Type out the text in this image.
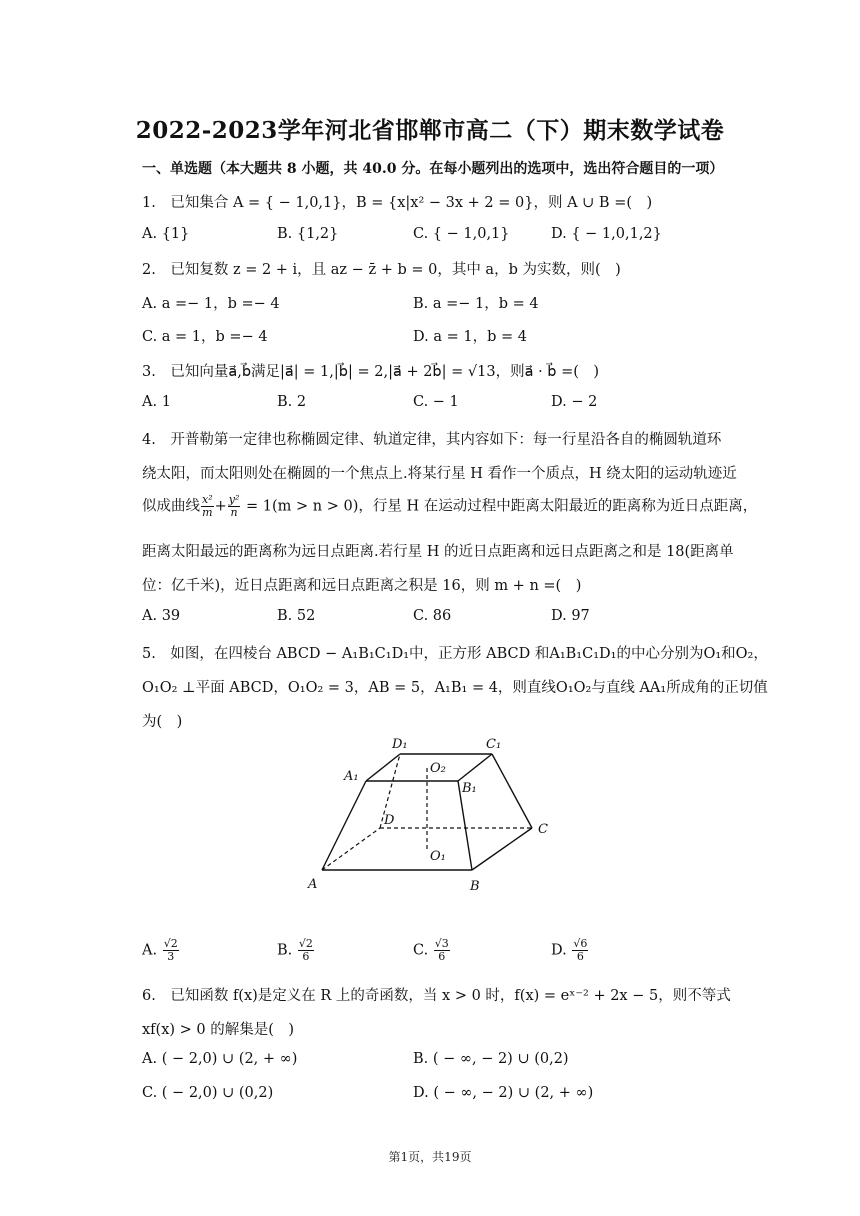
2022-2023学年河北省邯郸市高二（下）期末数学试卷
一、单选题（本大题共 8 小题，共 40.0 分。在每小题列出的选项中，选出符合题目的一项）
1.　已知集合 A = { − 1,0,1}，B = {x|x² − 3x + 2 = 0}，则 A ∪ B =(　)
A. {1}	B. {1,2}	C. { − 1,0,1}	D. { − 1,0,1,2}
2.　已知复数 z = 2 + i，且 az − z̄ + b = 0，其中 a，b 为实数，则(　)
A. a =− 1，b =− 4	B. a =− 1，b = 4
C. a = 1，b =− 4	D. a = 1，b = 4
3.　已知向量a⃗,b⃗满足|a⃗| = 1,|b⃗| = 2,|a⃗ + 2b⃗| = √13，则a⃗ · b⃗ =(　)
A. 1	B. 2	C. − 1	D. − 2
4.　开普勒第一定律也称椭圆定律、轨道定律，其内容如下：每一行星沿各自的椭圆轨道环
绕太阳，而太阳则处在椭圆的一个焦点上.将某行星 H 看作一个质点，H 绕太阳的运动轨迹近
似成曲线 $\frac{\text{x²}}{m} + \frac{\text{y²}}{n} = 1(m > n > 0)$，行星 H 在运动过程中距离太阳最近的距离称为近日点距离，
距离太阳最远的距离称为远日点距离.若行星 H 的近日点距离和远日点距离之和是 18(距离单
位：亿千米)，近日点距离和远日点距离之积是 16，则 m + n =(　)
A. 39	B. 52	C. 86	D. 97
5.　如图，在四棱台 ABCD − A₁B₁C₁D₁中，正方形 ABCD 和A₁B₁C₁D₁的中心分别为O₁和O₂，
O₁O₂ ⊥平面 ABCD，O₁O₂ = 3，AB = 5，A₁B₁ = 4，则直线O₁O₂与直线 AA₁所成角的正切值
为(　)
D₁	C₁
A₁
O₂
B₁
D
C
O₁
A	B
A. $\frac{√2}{3}$	B. $\frac{√2}{6}$	C. $\frac{√3}{6}$	D. $\frac{√6}{6}$
6.　已知函数 f(x)是定义在 R 上的奇函数，当 x > 0 时，f(x) = eˣ⁻² + 2x − 5，则不等式
xf(x) > 0 的解集是(　)
A. ( − 2,0) ∪ (2, + ∞)	B. ( − ∞, − 2) ∪ (0,2)
C. ( − 2,0) ∪ (0,2)	D. ( − ∞, − 2) ∪ (2, + ∞)
第1页，共19页
